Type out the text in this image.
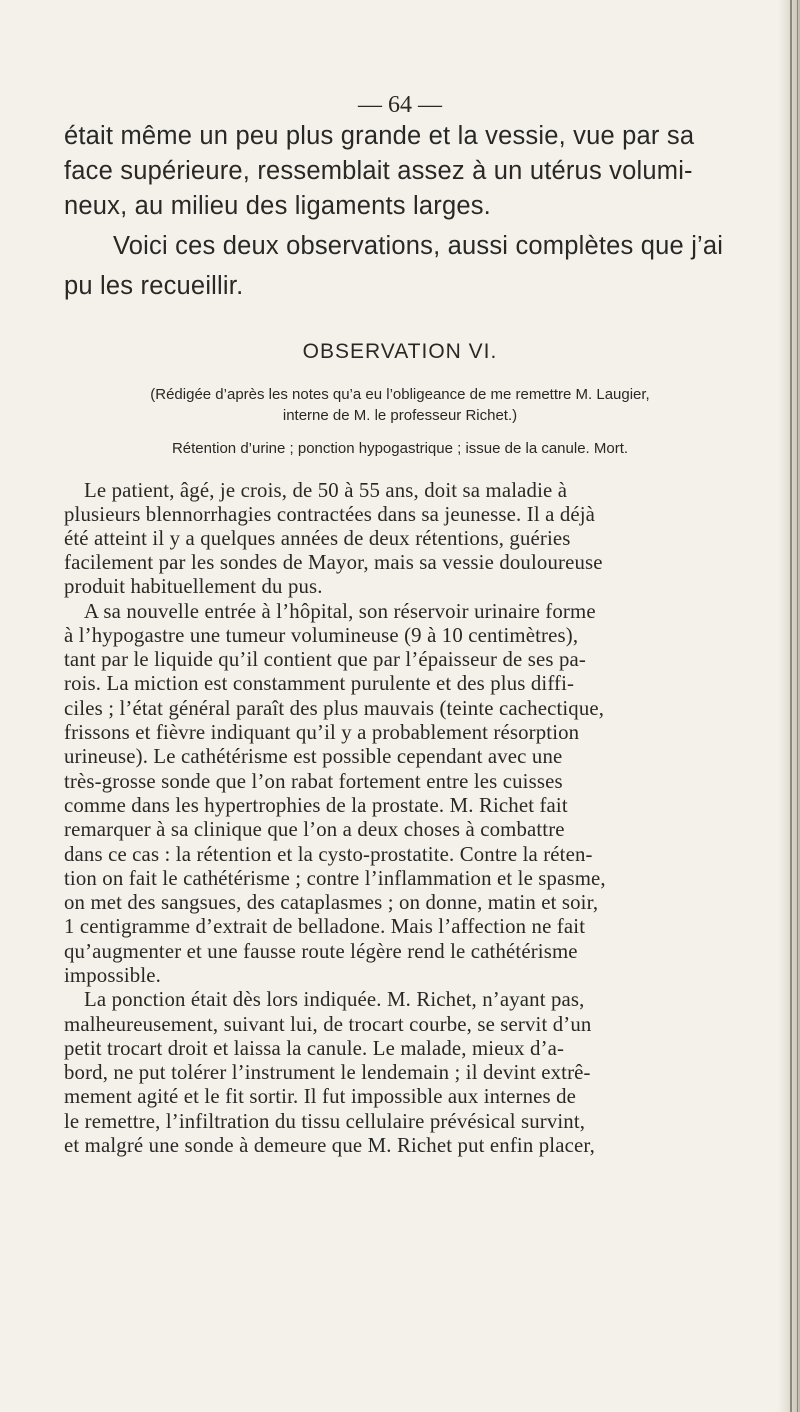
— 64 —

était même un peu plus grande et la vessie, vue par sa

face supérieure, ressemblait assez à un utérus volumi-

neux, au milieu des ligaments larges.

Voici ces deux observations, aussi complètes que j’ai

pu les recueillir.

OBSERVATION VI.

(Rédigée d’après les notes qu’a eu l’obligeance de me remettre M. Laugier,

interne de M. le professeur Richet.)

Rétention d’urine ; ponction hypogastrique ; issue de la canule. Mort.

Le patient, âgé, je crois, de 50 à 55 ans, doit sa maladie à

plusieurs blennorrhagies contractées dans sa jeunesse. Il a déjà

été atteint il y a quelques années de deux rétentions, guéries

facilement par les sondes de Mayor, mais sa vessie douloureuse

produit habituellement du pus.

A sa nouvelle entrée à l’hôpital, son réservoir urinaire forme

à l’hypogastre une tumeur volumineuse (9 à 10 centimètres),

tant par le liquide qu’il contient que par l’épaisseur de ses pa-

rois. La miction est constamment purulente et des plus diffi-

ciles ; l’état général paraît des plus mauvais (teinte cachectique,

frissons et fièvre indiquant qu’il y a probablement résorption

urineuse). Le cathétérisme est possible cependant avec une

très-grosse sonde que l’on rabat fortement entre les cuisses

comme dans les hypertrophies de la prostate. M. Richet fait

remarquer à sa clinique que l’on a deux choses à combattre

dans ce cas : la rétention et la cysto-prostatite. Contre la réten-

tion on fait le cathétérisme ; contre l’inflammation et le spasme,

on met des sangsues, des cataplasmes ; on donne, matin et soir,

1 centigramme d’extrait de belladone. Mais l’affection ne fait

qu’augmenter et une fausse route légère rend le cathétérisme

impossible.

La ponction était dès lors indiquée. M. Richet, n’ayant pas,

malheureusement, suivant lui, de trocart courbe, se servit d’un

petit trocart droit et laissa la canule. Le malade, mieux d’a-

bord, ne put tolérer l’instrument le lendemain ; il devint extrê-

mement agité et le fit sortir. Il fut impossible aux internes de

le remettre, l’infiltration du tissu cellulaire prévésical survint,

et malgré une sonde à demeure que M. Richet put enfin placer,
